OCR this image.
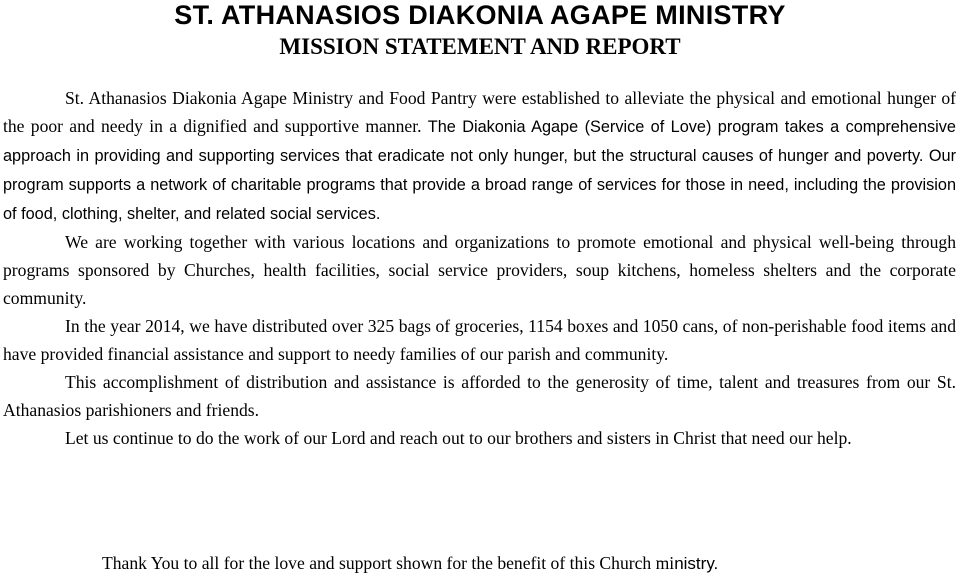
ST. ATHANASIOS DIAKONIA AGAPE MINISTRY
MISSION STATEMENT AND REPORT

St. Athanasios Diakonia Agape Ministry and Food Pantry were established to alleviate the physical and emotional hunger of the poor and needy in a dignified and supportive manner. The Diakonia Agape (Service of Love) program takes a comprehensive approach in providing and supporting services that eradicate not only hunger, but the structural causes of hunger and poverty. Our program supports a network of charitable programs that provide a broad range of services for those in need, including the provision of food, clothing, shelter, and related social services.

We are working together with various locations and organizations to promote emotional and physical well-being through programs sponsored by Churches, health facilities, social service providers, soup kitchens, homeless shelters and the corporate community.

In the year 2014, we have distributed over 325 bags of groceries, 1154 boxes and 1050 cans, of non-perishable food items and have provided financial assistance and support to needy families of our parish and community.

This accomplishment of distribution and assistance is afforded to the generosity of time, talent and treasures from our St. Athanasios parishioners and friends.

Let us continue to do the work of our Lord and reach out to our brothers and sisters in Christ that need our help.

Thank You to all for the love and support shown for the benefit of this Church ministry.
